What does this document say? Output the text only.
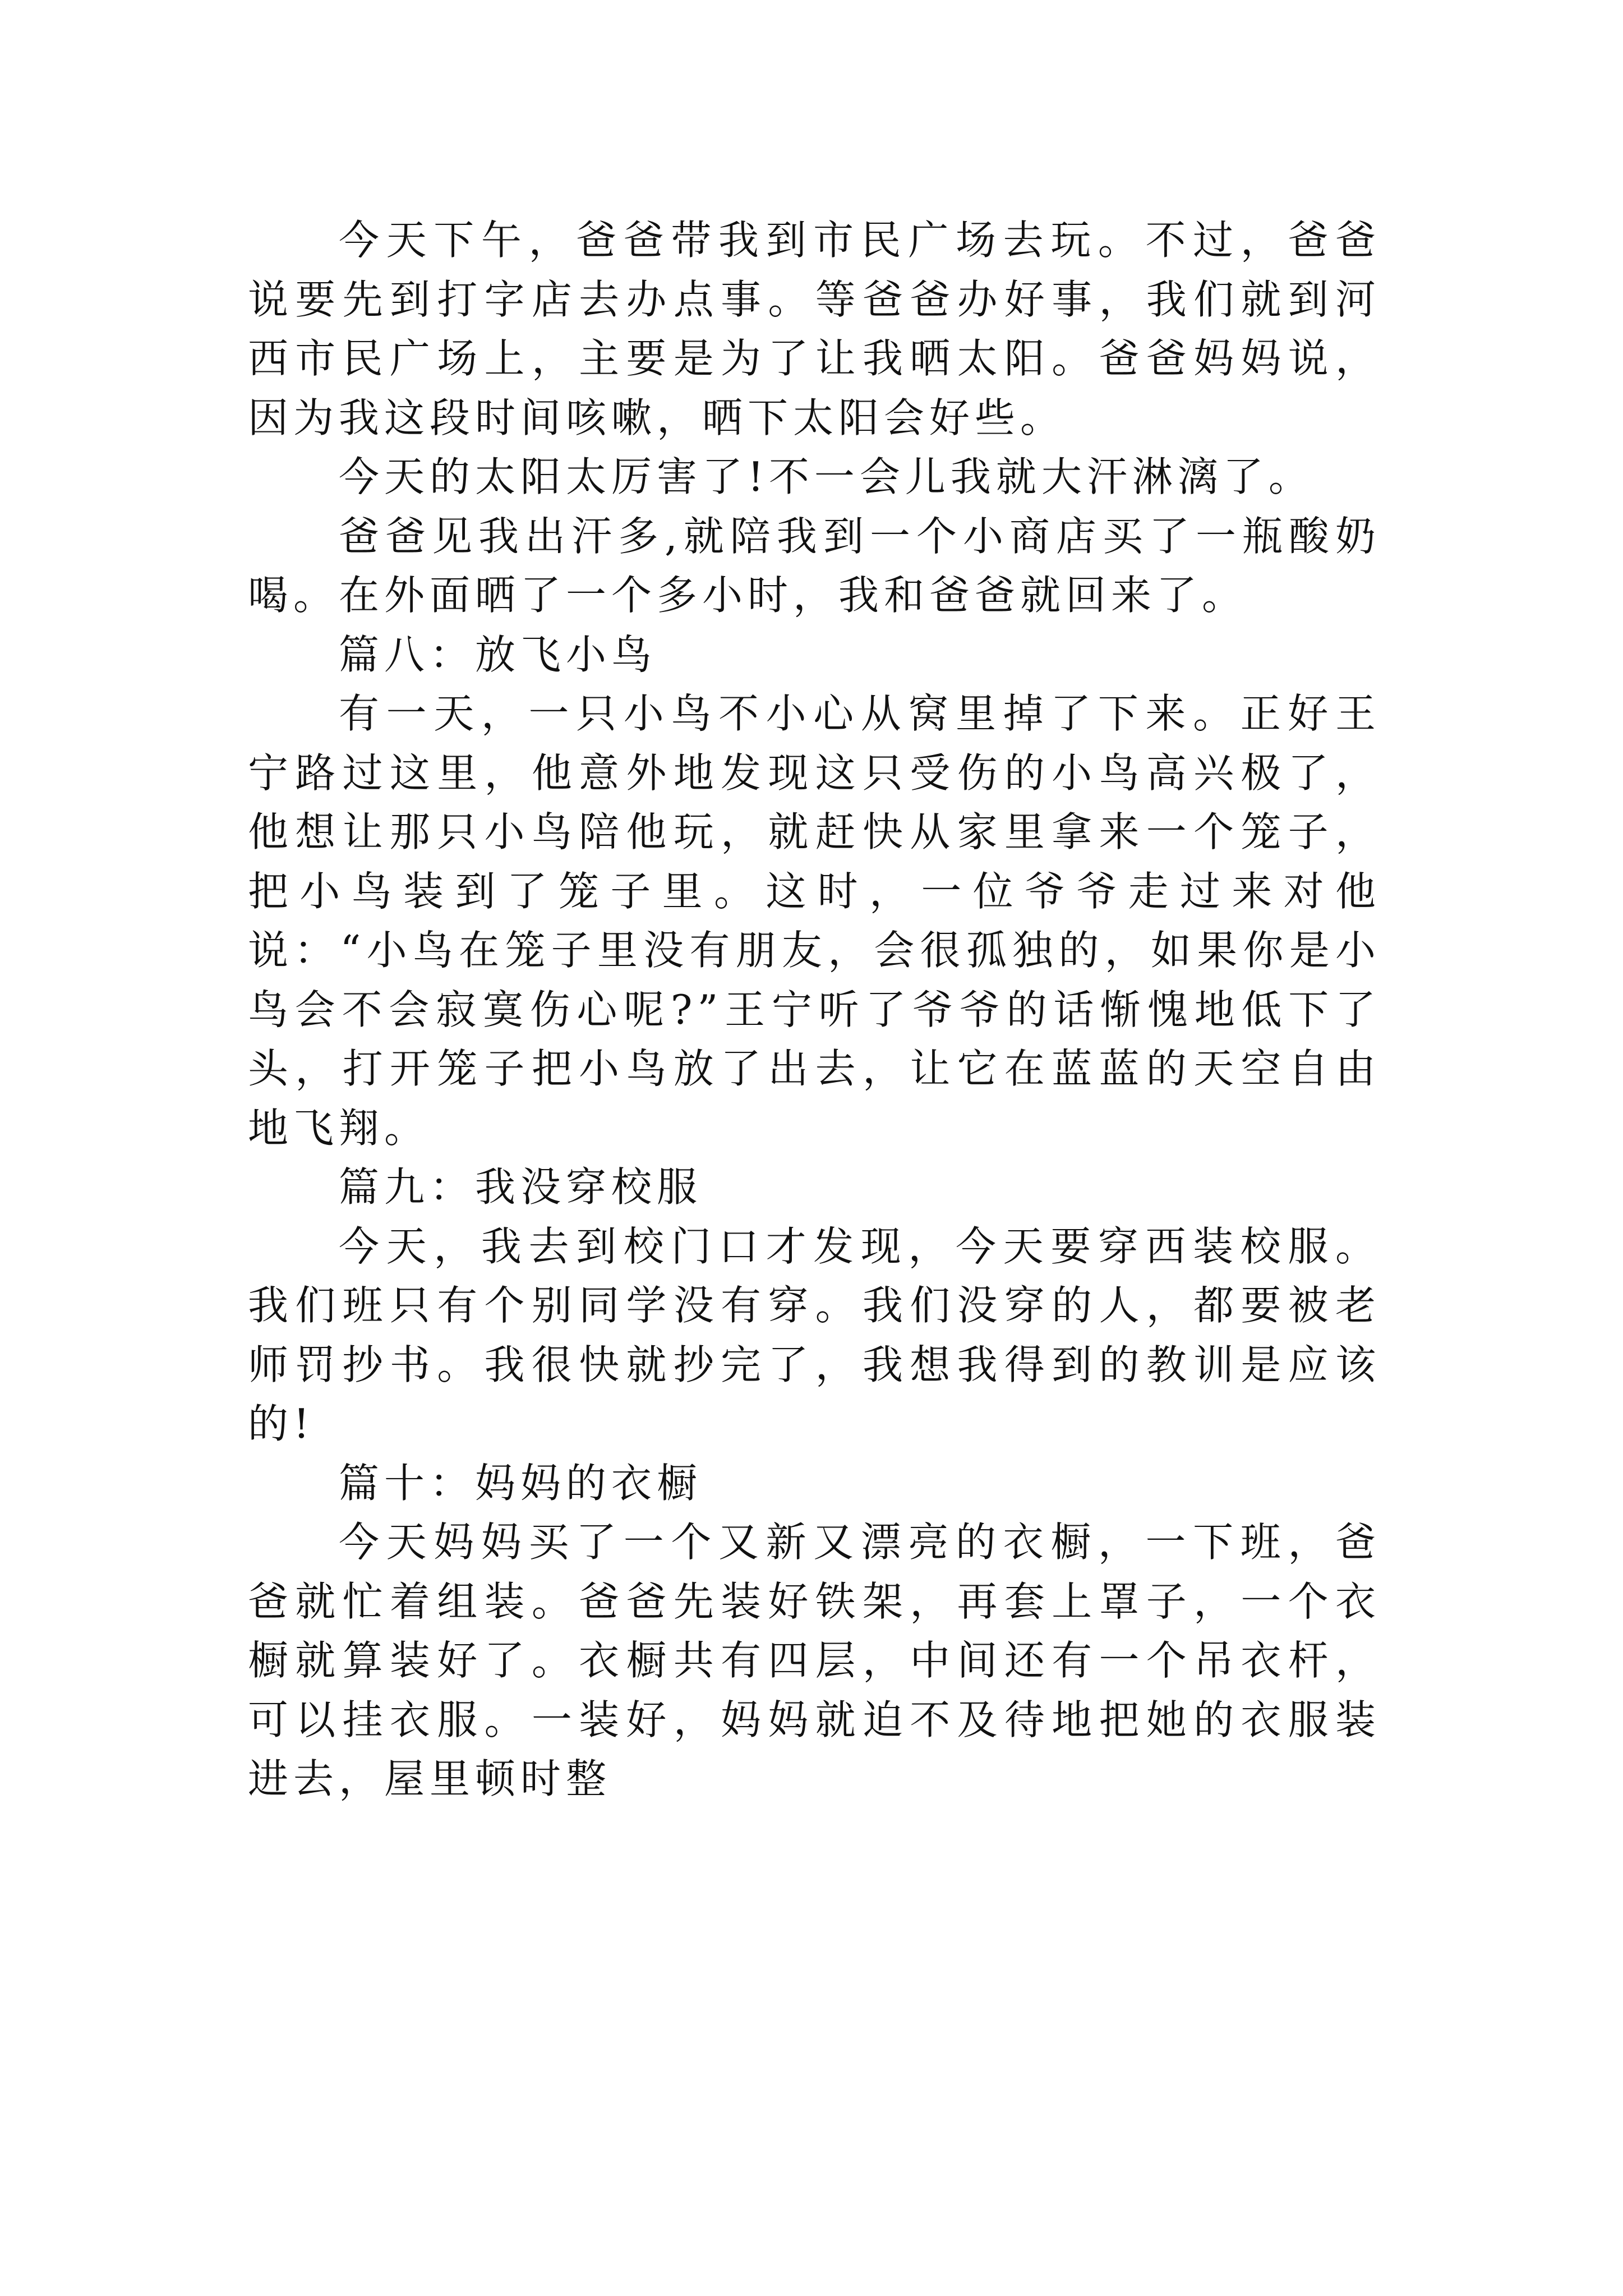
今天下午，爸爸带我到市民广场去玩。不过，爸爸说要先到打字店去办点事。等爸爸办好事，我们就到河西市民广场上，主要是为了让我晒太阳。爸爸妈妈说，因为我这段时间咳嗽，晒下太阳会好些。

今天的太阳太厉害了!不一会儿我就大汗淋漓了。

爸爸见我出汗多,就陪我到一个小商店买了一瓶酸奶喝。在外面晒了一个多小时，我和爸爸就回来了。

篇八：放飞小鸟

有一天，一只小鸟不小心从窝里掉了下来。正好王宁路过这里，他意外地发现这只受伤的小鸟高兴极了，他想让那只小鸟陪他玩，就赶快从家里拿来一个笼子，把小鸟装到了笼子里。这时，一位爷爷走过来对他说：“小鸟在笼子里没有朋友，会很孤独的，如果你是小鸟会不会寂寞伤心呢?”王宁听了爷爷的话惭愧地低下了头，打开笼子把小鸟放了出去，让它在蓝蓝的天空自由地飞翔。

篇九：我没穿校服

今天，我去到校门口才发现，今天要穿西装校服。我们班只有个别同学没有穿。我们没穿的人，都要被老师罚抄书。我很快就抄完了，我想我得到的教训是应该的!

篇十：妈妈的衣橱

今天妈妈买了一个又新又漂亮的衣橱，一下班，爸爸就忙着组装。爸爸先装好铁架，再套上罩子，一个衣橱就算装好了。衣橱共有四层，中间还有一个吊衣杆，可以挂衣服。一装好，妈妈就迫不及待地把她的衣服装进去，屋里顿时整
